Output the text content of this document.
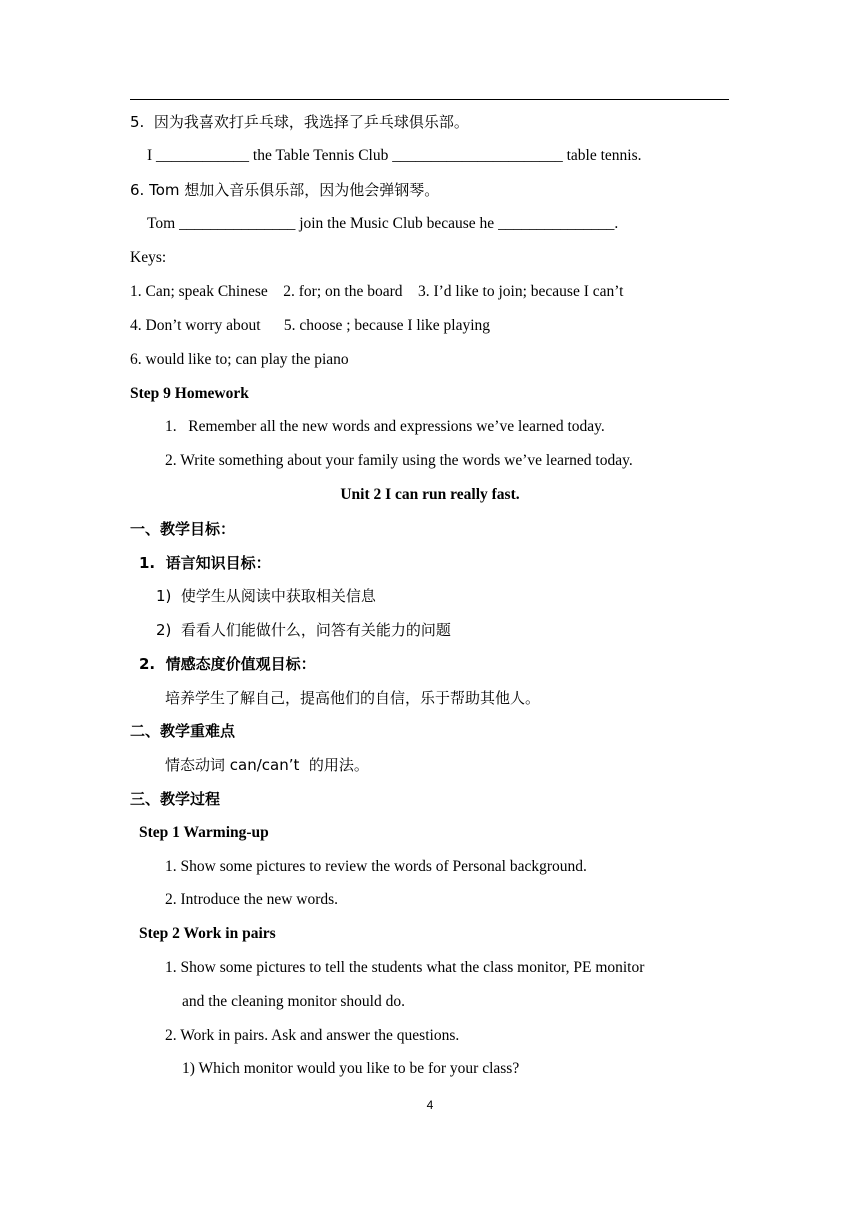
5.  因为我喜欢打乒乓球，我选择了乒乓球俱乐部。
I ____________ the Table Tennis Club ______________________ table tennis.
6. Tom 想加入音乐俱乐部，因为他会弹钢琴。
Tom _______________ join the Music Club because he _______________.
Keys:
1. Can; speak Chinese    2. for; on the board    3. I’d like to join; because I can’t
4. Don’t worry about      5. choose ; because I like playing
6. would like to; can play the piano
Step 9 Homework
1.   Remember all the new words and expressions we’ve learned today.
2. Write something about your family using the words we’ve learned today.
Unit 2 I can run really fast.
一、教学目标：
1.  语言知识目标：
1)  使学生从阅读中获取相关信息
2)  看看人们能做什么，问答有关能力的问题
2.  情感态度价值观目标：
培养学生了解自己，提高他们的自信，乐于帮助其他人。
二、教学重难点
情态动词 can/can’t  的用法。
三、教学过程
Step 1 Warming-up
1. Show some pictures to review the words of Personal background.
2. Introduce the new words.
Step 2 Work in pairs
1. Show some pictures to tell the students what the class monitor, PE monitor
and the cleaning monitor should do.
2. Work in pairs. Ask and answer the questions.
1) Which monitor would you like to be for your class?
4
